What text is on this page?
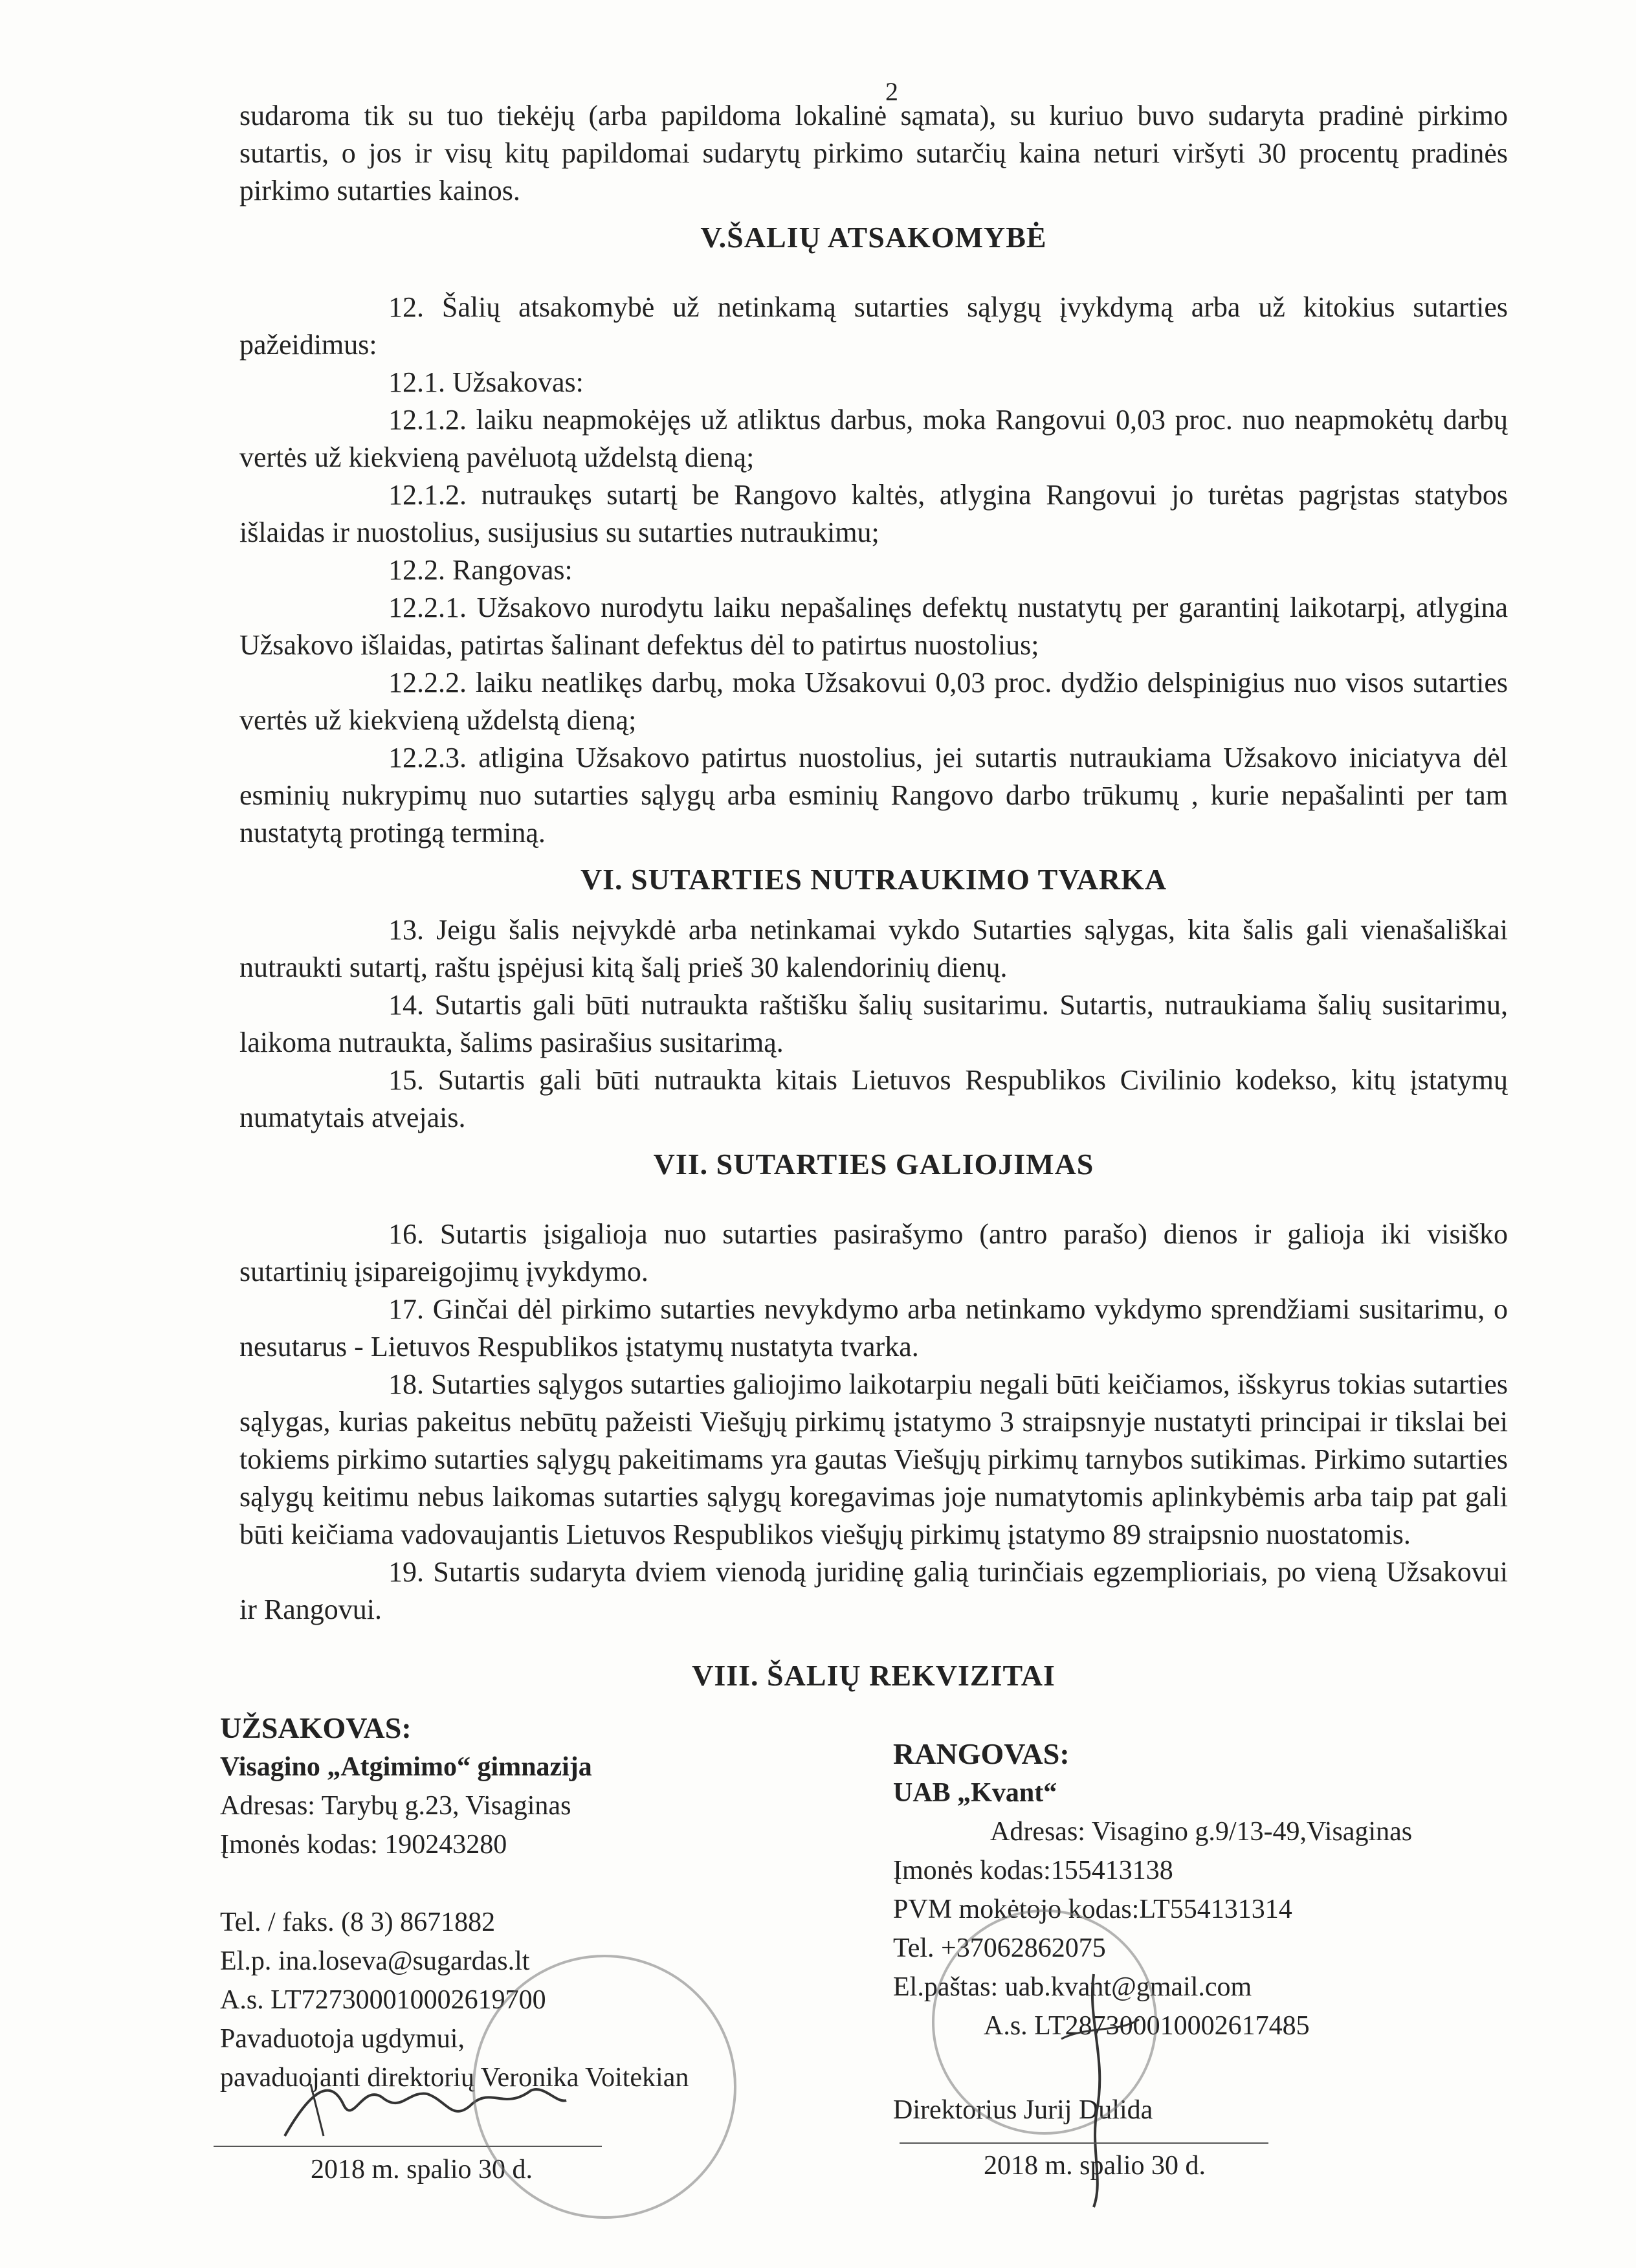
2

sudaroma tik su tuo tiekėjų (arba papildoma lokalinė sąmata), su kuriuo buvo sudaryta pradinė pirkimo sutartis, o jos ir visų kitų papildomai sudarytų pirkimo sutarčių kaina neturi viršyti 30 procentų pradinės pirkimo sutarties kainos.

V.ŠALIŲ ATSAKOMYBĖ

12. Šalių atsakomybė už netinkamą sutarties sąlygų įvykdymą arba už kitokius sutarties pažeidimus:

12.1. Užsakovas:

12.1.2. laiku neapmokėjęs už atliktus darbus, moka Rangovui 0,03 proc. nuo neapmokėtų darbų vertės už kiekvieną pavėluotą uždelstą dieną;

12.1.2. nutraukęs sutartį be Rangovo kaltės, atlygina Rangovui jo turėtas pagrįstas statybos išlaidas ir nuostolius, susijusius su sutarties nutraukimu;

12.2. Rangovas:

12.2.1. Užsakovo nurodytu laiku nepašalinęs defektų nustatytų per garantinį laikotarpį, atlygina Užsakovo išlaidas, patirtas šalinant defektus dėl to patirtus nuostolius;

12.2.2. laiku neatlikęs darbų, moka Užsakovui 0,03 proc. dydžio delspinigius nuo visos sutarties vertės už kiekvieną uždelstą dieną;

12.2.3. atligina Užsakovo patirtus nuostolius, jei sutartis nutraukiama Užsakovo iniciatyva dėl esminių nukrypimų nuo sutarties sąlygų arba esminių Rangovo darbo trūkumų , kurie nepašalinti per tam nustatytą protingą terminą.

VI. SUTARTIES NUTRAUKIMO TVARKA

13. Jeigu šalis neįvykdė arba netinkamai vykdo Sutarties sąlygas, kita šalis gali vienašališkai nutraukti sutartį, raštu įspėjusi kitą šalį prieš 30 kalendorinių dienų.

14. Sutartis gali būti nutraukta raštišku šalių susitarimu. Sutartis, nutraukiama šalių susitarimu, laikoma nutraukta, šalims pasirašius susitarimą.

15. Sutartis gali būti nutraukta kitais Lietuvos Respublikos Civilinio kodekso, kitų įstatymų numatytais atvejais.

VII. SUTARTIES GALIOJIMAS

16. Sutartis įsigalioja nuo sutarties pasirašymo (antro parašo) dienos ir galioja iki visiško sutartinių įsipareigojimų įvykdymo.

17. Ginčai dėl pirkimo sutarties nevykdymo arba netinkamo vykdymo sprendžiami susitarimu, o nesutarus - Lietuvos Respublikos įstatymų nustatyta tvarka.

18. Sutarties sąlygos sutarties galiojimo laikotarpiu negali būti keičiamos, išskyrus tokias sutarties sąlygas, kurias pakeitus nebūtų pažeisti Viešųjų pirkimų įstatymo 3 straipsnyje nustatyti principai ir tikslai bei tokiems pirkimo sutarties sąlygų pakeitimams yra gautas Viešųjų pirkimų tarnybos sutikimas. Pirkimo sutarties sąlygų keitimu nebus laikomas sutarties sąlygų koregavimas joje numatytomis aplinkybėmis arba taip pat gali būti keičiama vadovaujantis Lietuvos Respublikos viešųjų pirkimų įstatymo 89 straipsnio nuostatomis.

19. Sutartis sudaryta dviem vienodą juridinę galią turinčiais egzemplioriais, po vieną Užsakovui ir Rangovui.

VIII. ŠALIŲ REKVIZITAI
UŽSAKOVAS:
Visagino „Atgimimo“ gimnazija
Adresas: Tarybų g.23, Visaginas
Įmonės kodas: 190243280
Tel. / faks. (8 3) 8671882
El.p. ina.loseva@sugardas.lt
A.s. LT727300010002619700
Pavaduotoja ugdymui,
pavaduojanti direktorių Veronika Voitekian
2018 m. spalio 30 d.
RANGOVAS:
UAB „Kvant“
Adresas: Visagino g.9/13-49,Visaginas
Įmonės kodas:155413138
PVM mokėtojo kodas:LT554131314
Tel. +37062862075
El.paštas: uab.kvant@gmail.com
A.s. LT287300010002617485
Direktorius Jurij Dulida
2018 m. spalio 30 d.
